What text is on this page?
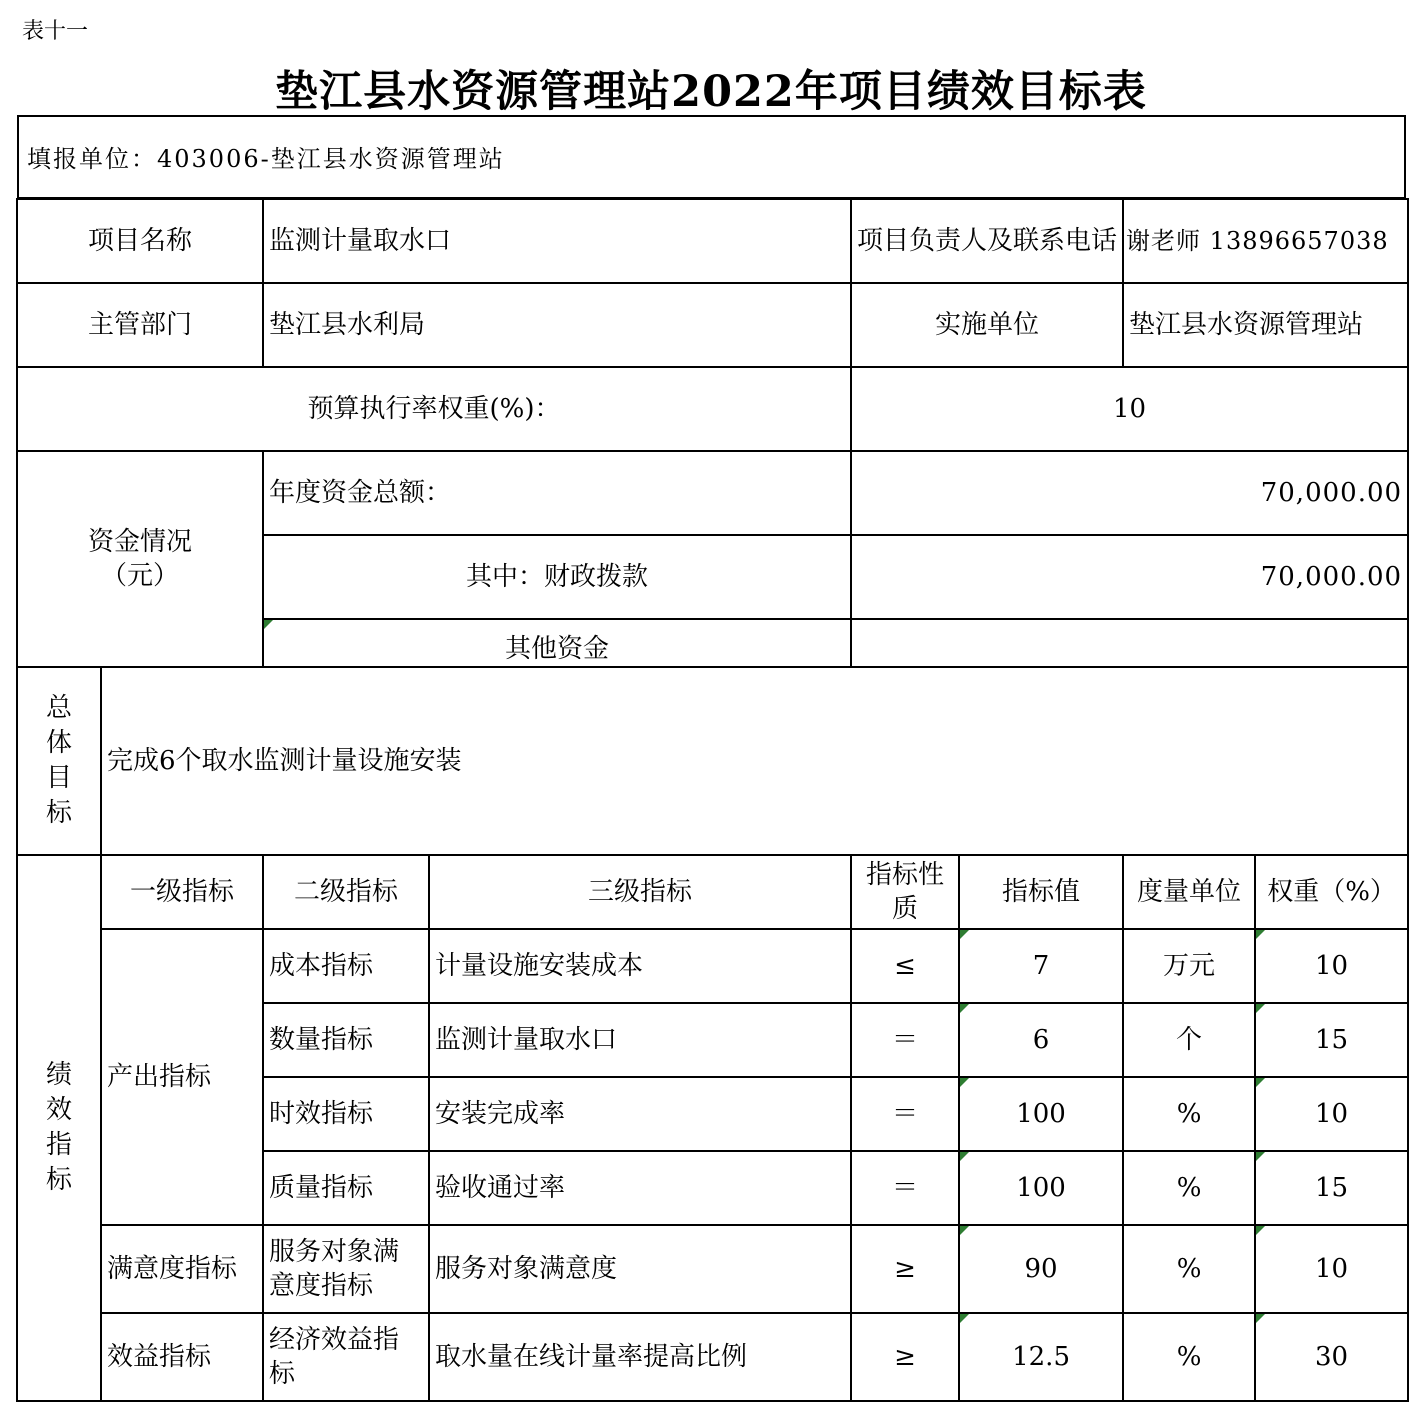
表十一
垫江县水资源管理站2022年项目绩效目标表
填报单位：403006-垫江县水资源管理站
项目名称		监测计量取水口		项目负责人及联系电话		谢老师 13896657038	
主管部门		垫江县水利局		实施单位		垫江县水资源管理站	
预算执行率权重(%)：				10			
资金情况（元）		年度资金总额：		70,000.00			
		其中：财政拨款		70,000.00			
		其他资金					
总体目标	完成6个取水监测计量设施安装						
绩效指标	一级指标	二级指标	三级指标	指标性质	指标值	度量单位	权重（%）
	产出指标	成本指标	计量设施安装成本	≤	7	万元	10
		数量指标	监测计量取水口	＝	6	个	15
		时效指标	安装完成率	＝	100	%	10
		质量指标	验收通过率	＝	100	%	15
	满意度指标	服务对象满意度指标	服务对象满意度	≥	90	%	10
	效益指标	经济效益指标	取水量在线计量率提高比例	≥	12.5	%	30
